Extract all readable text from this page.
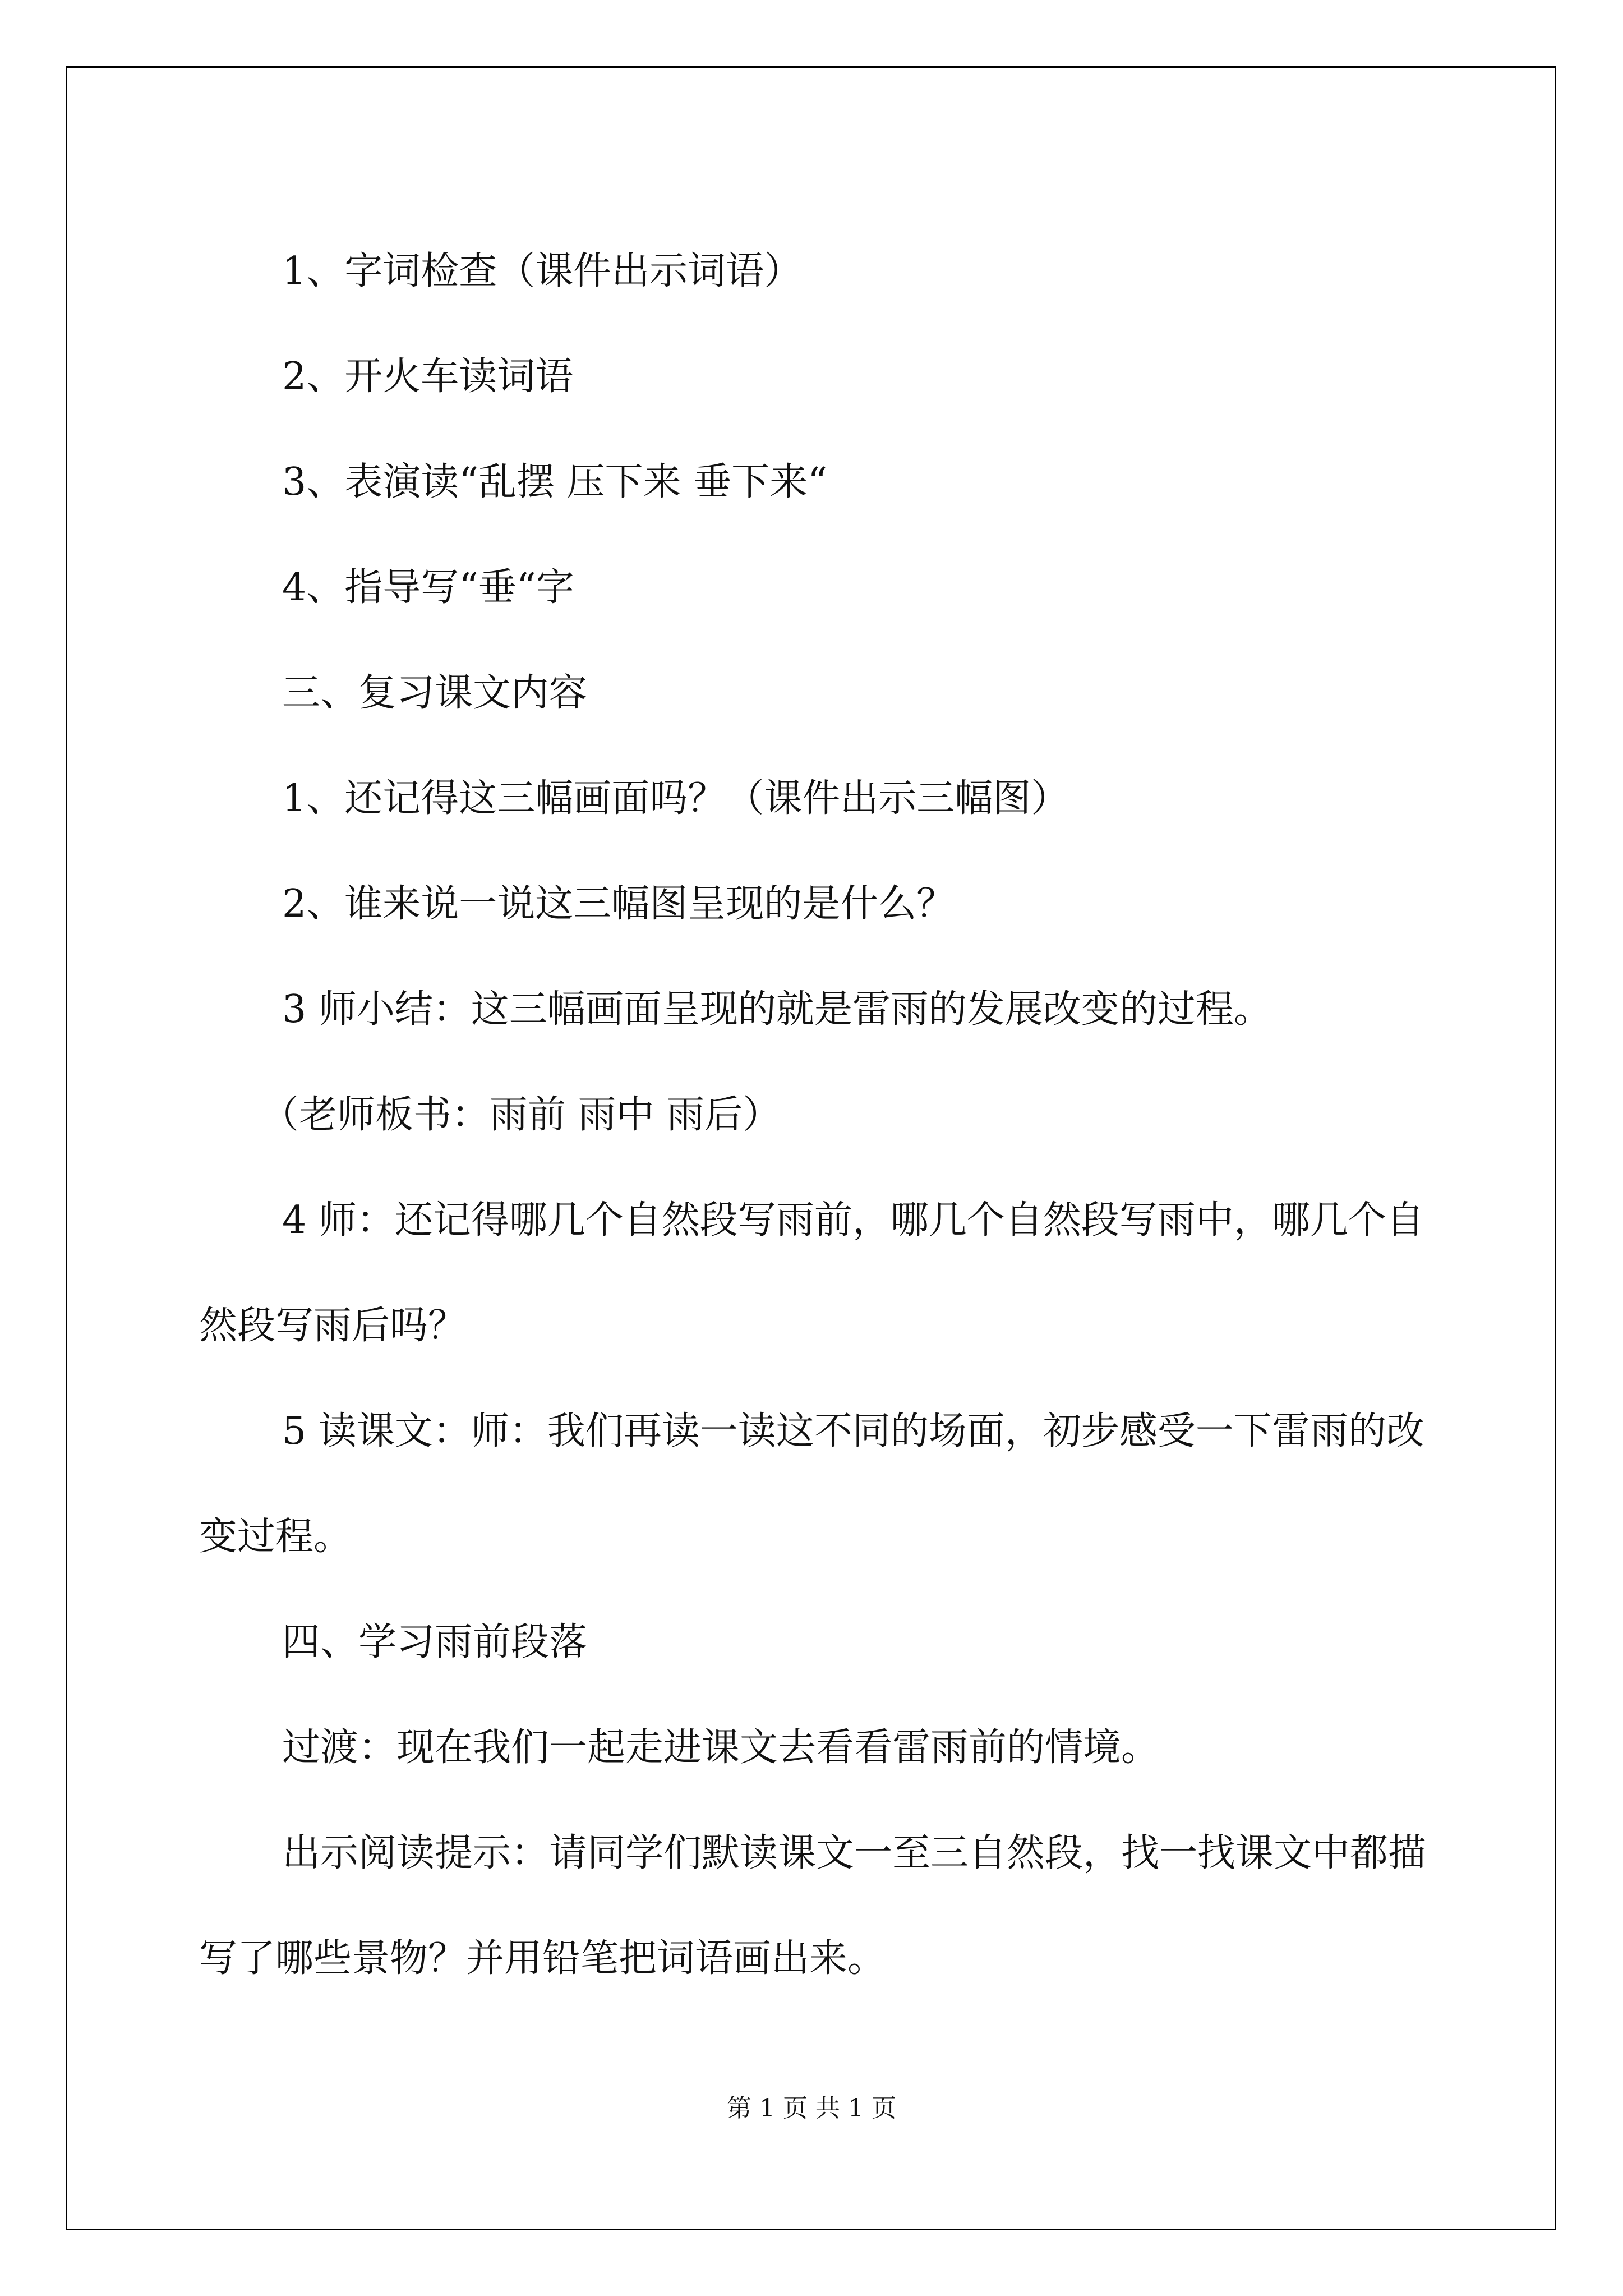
1、字词检查（课件出示词语）

2、开火车读词语

3、表演读“乱摆 压下来 垂下来“

4、指导写“垂“字

三、复习课文内容

1、还记得这三幅画面吗？（课件出示三幅图）

2、谁来说一说这三幅图呈现的是什么？

3 师小结：这三幅画面呈现的就是雷雨的发展改变的过程。

（老师板书：雨前 雨中 雨后）

4 师：还记得哪几个自然段写雨前，哪几个自然段写雨中，哪几个自然段写雨后吗？

5 读课文：师：我们再读一读这不同的场面，初步感受一下雷雨的改变过程。

四、学习雨前段落

过渡：现在我们一起走进课文去看看雷雨前的情境。

出示阅读提示：请同学们默读课文一至三自然段，找一找课文中都描写了哪些景物？并用铅笔把词语画出来。

第 1 页 共 1 页
